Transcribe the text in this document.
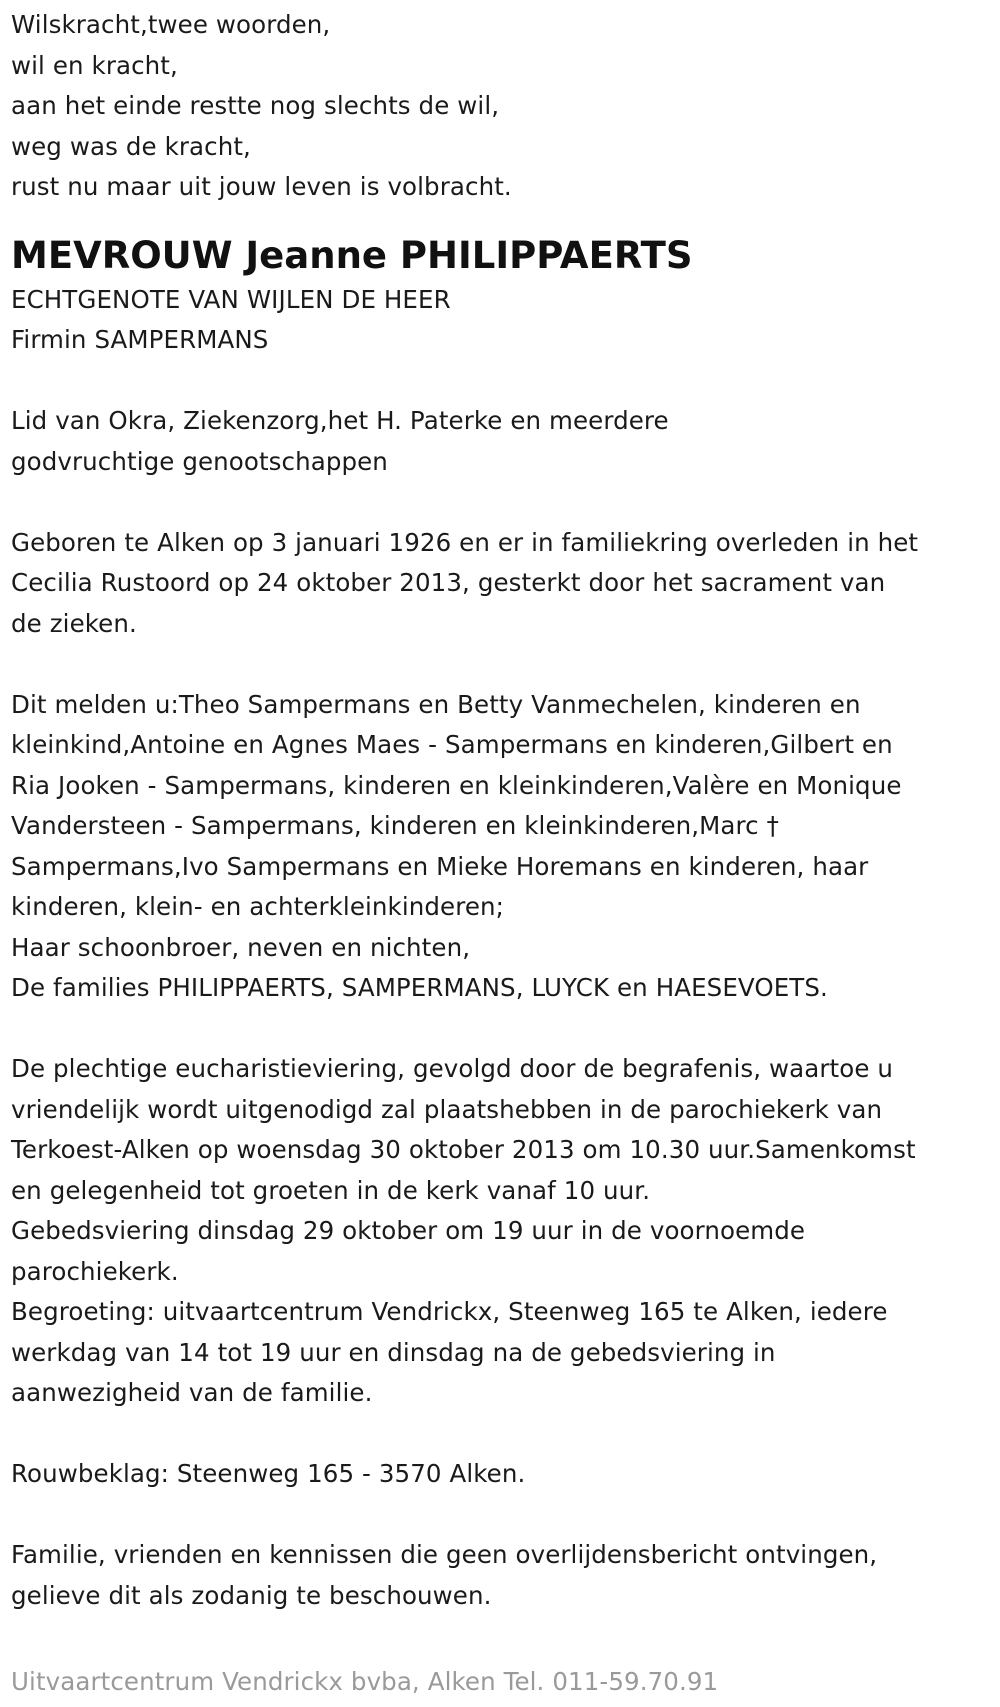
Wilskracht,twee woorden,
wil en kracht,
aan het einde restte nog slechts de wil,
weg was de kracht,
rust nu maar uit jouw leven is volbracht.
MEVROUW Jeanne PHILIPPAERTS
ECHTGENOTE VAN WIJLEN DE HEER
Firmin SAMPERMANS
Lid van Okra, Ziekenzorg,het H. Paterke en meerdere
godvruchtige genootschappen
Geboren te Alken op 3 januari 1926 en er in familiekring overleden in het
Cecilia Rustoord op 24 oktober 2013, gesterkt door het sacrament van
de zieken.
Dit melden u:Theo Sampermans en Betty Vanmechelen, kinderen en
kleinkind,Antoine en Agnes Maes - Sampermans en kinderen,Gilbert en
Ria Jooken - Sampermans, kinderen en kleinkinderen,Valère en Monique
Vandersteen - Sampermans, kinderen en kleinkinderen,Marc †
Sampermans,Ivo Sampermans en Mieke Horemans en kinderen, haar
kinderen, klein- en achterkleinkinderen;
Haar schoonbroer, neven en nichten,
De families PHILIPPAERTS, SAMPERMANS, LUYCK en HAESEVOETS.
De plechtige eucharistieviering, gevolgd door de begrafenis, waartoe u
vriendelijk wordt uitgenodigd zal plaatshebben in de parochiekerk van
Terkoest-Alken op woensdag 30 oktober 2013 om 10.30 uur.Samenkomst
en gelegenheid tot groeten in de kerk vanaf 10 uur.
Gebedsviering dinsdag 29 oktober om 19 uur in de voornoemde
parochiekerk.
Begroeting: uitvaartcentrum Vendrickx, Steenweg 165 te Alken, iedere
werkdag van 14 tot 19 uur en dinsdag na de gebedsviering in
aanwezigheid van de familie.
Rouwbeklag: Steenweg 165 - 3570 Alken.
Familie, vrienden en kennissen die geen overlijdensbericht ontvingen,
gelieve dit als zodanig te beschouwen.
Uitvaartcentrum Vendrickx bvba, Alken Tel. 011-59.70.91
